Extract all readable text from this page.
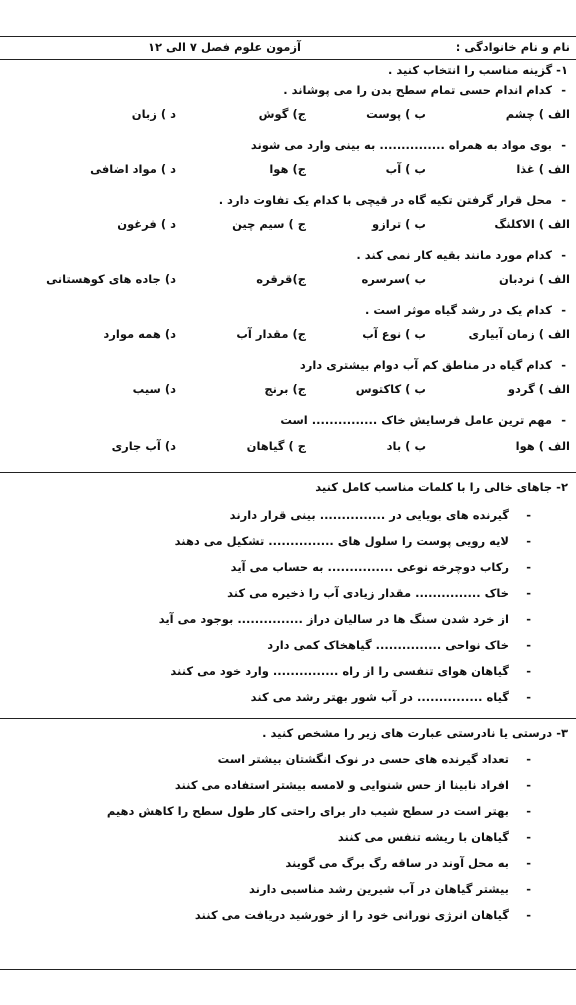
نام و نام خانوادگی :
آزمون علوم فصل ۷ الی ۱۲
۱- گزینه مناسب را انتخاب کنید .
-
کدام اندام حسی تمام سطح بدن را می پوشاند .
الف ) چشم
ب ) پوست
ج) گوش
د ) زبان
-
بوی مواد به همراه ............... به بینی وارد می شوند
الف ) غذا
ب ) آب
ج) هوا
د ) مواد اضافی
-
محل قرار گرفتن تکیه گاه در قیچی با کدام یک تفاوت دارد .
الف ) الاکلنگ
ب ) ترازو
ج ) سیم چین
د ) فرغون
-
کدام مورد مانند بقیه کار نمی کند .
الف ) نردبان
ب )سرسره
ج)قرقره
د) جاده های کوهستانی
-
کدام یک در رشد گیاه موثر است .
الف ) زمان آبیاری
ب ) نوع آب
ج) مقدار آب
د) همه موارد
-
کدام گیاه در مناطق کم آب دوام بیشتری دارد
الف ) گردو
ب ) کاکتوس
ج) برنج
د) سیب
-
مهم ترین عامل فرسایش خاک ............... است
الف ) هوا
ب ) باد
ج ) گیاهان
د) آب جاری
۲- جاهای خالی را با کلمات مناسب کامل کنید
-
گیرنده های بویایی در ............... بینی قرار دارند
-
لایه رویی پوست را سلول های ............... تشکیل می دهند
-
رکاب دوچرخه نوعی ............... به حساب می آید
-
خاک ............... مقدار زیادی آب را ذخیره می کند
-
از خرد شدن سنگ ها در سالیان دراز ............... بوجود می آید
-
خاک نواحی ............... گیاهخاک کمی دارد
-
گیاهان هوای تنفسی را از راه ............... وارد خود می کنند
-
گیاه ............... در آب شور بهتر رشد می کند
۳- درستی یا نادرستی عبارت های زیر را مشخص کنید .
-
تعداد گیرنده های حسی در نوک انگشتان بیشتر است
-
افراد نابینا از حس شنوایی و لامسه بیشتر استفاده می کنند
-
بهتر است در سطح شیب دار برای راحتی کار طول سطح را کاهش دهیم
-
گیاهان با ریشه تنفس می کنند
-
به محل آوند در ساقه رگ برگ می گویند
-
بیشتر گیاهان در آب شیرین رشد مناسبی دارند
-
گیاهان انرژی نورانی خود را از خورشید دریافت می کنند
